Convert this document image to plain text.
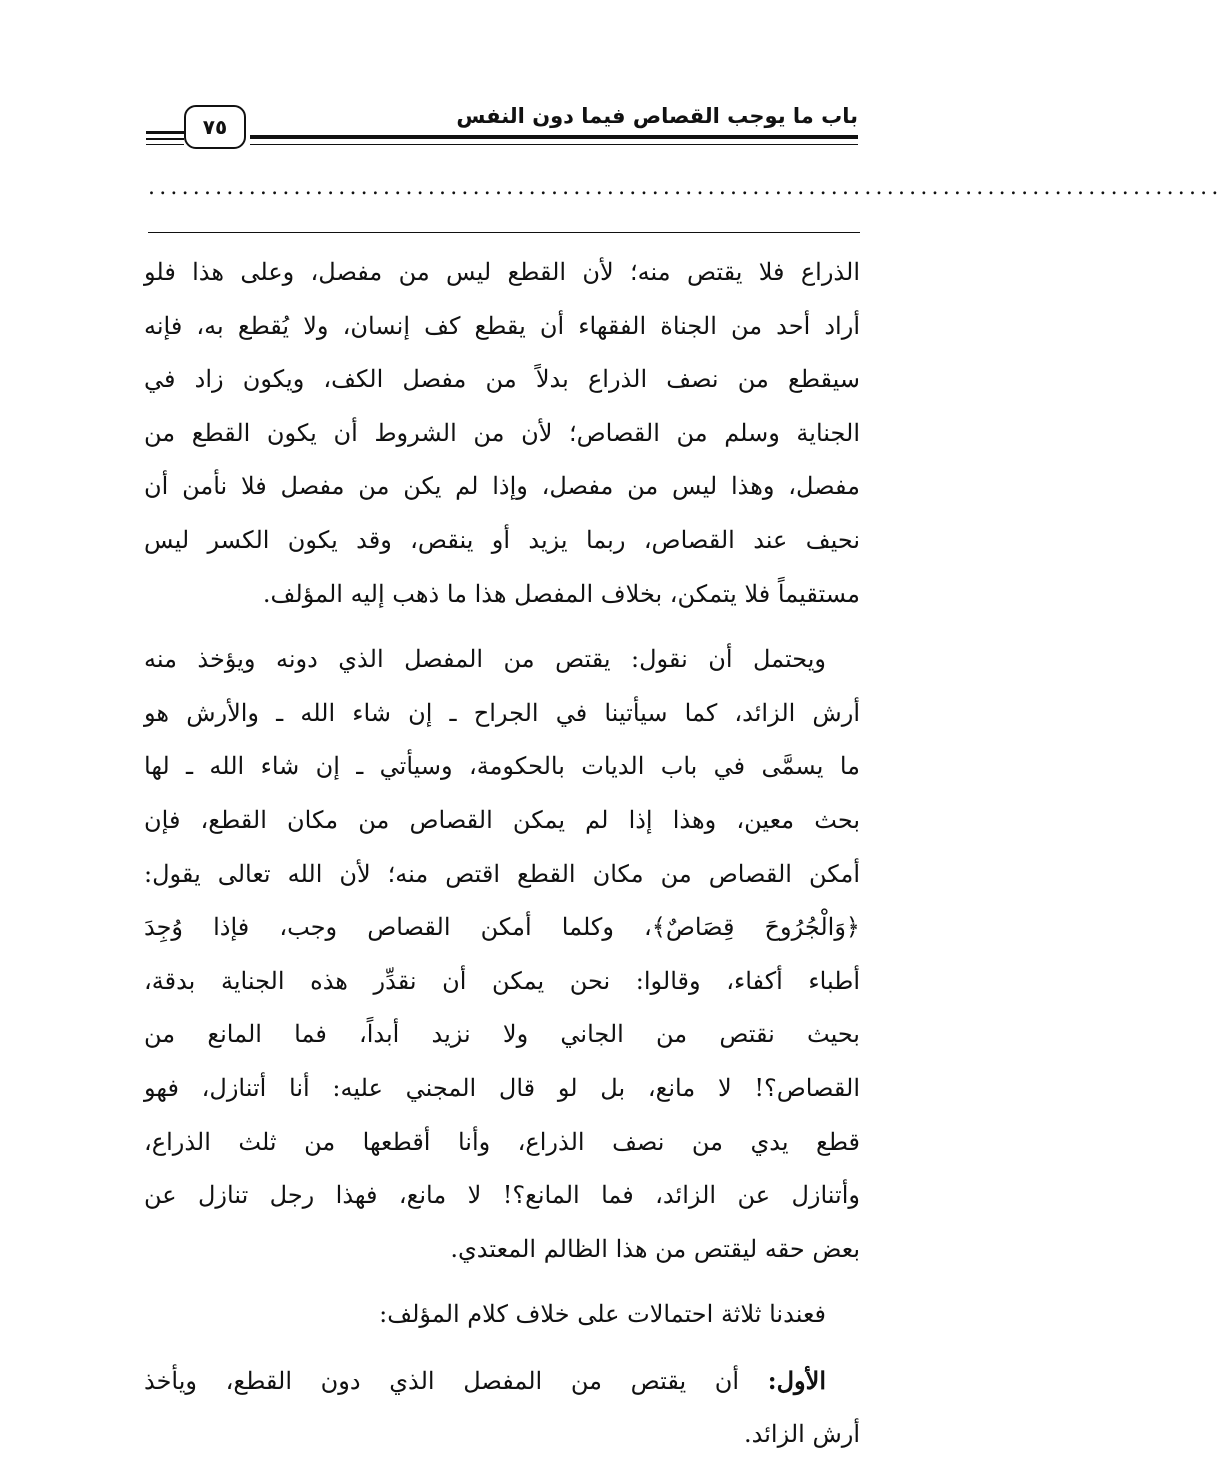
باب ما يوجب القصاص فيما دون النفس
٧٥
................................................................................................
الذراع فلا يقتص منه؛ لأن القطع ليس من مفصل، وعلى هذا فلو
أراد أحد من الجناة الفقهاء أن يقطع كف إنسان، ولا يُقطع به، فإنه
سيقطع من نصف الذراع بدلاً من مفصل الكف، ويكون زاد في
الجناية وسلم من القصاص؛ لأن من الشروط أن يكون القطع من
مفصل، وهذا ليس من مفصل، وإذا لم يكن من مفصل فلا نأمن أن
نحيف عند القصاص، ربما يزيد أو ينقص، وقد يكون الكسر ليس
مستقيماً فلا يتمكن، بخلاف المفصل هذا ما ذهب إليه المؤلف.
ويحتمل أن نقول: يقتص من المفصل الذي دونه ويؤخذ منه
أرش الزائد، كما سيأتينا في الجراح ـ إن شاء الله ـ والأرش هو
ما يسمَّى في باب الديات بالحكومة، وسيأتي ـ إن شاء الله ـ لها
بحث معين، وهذا إذا لم يمكن القصاص من مكان القطع، فإن
أمكن القصاص من مكان القطع اقتص منه؛ لأن الله تعالى يقول:
﴿وَالْجُرُوحَ قِصَاصٌ﴾، وكلما أمكن القصاص وجب، فإذا وُجِدَ
أطباء أكفاء، وقالوا: نحن يمكن أن نقدِّر هذه الجناية بدقة،
بحيث نقتص من الجاني ولا نزيد أبداً، فما المانع من
القصاص؟! لا مانع، بل لو قال المجني عليه: أنا أتنازل، فهو
قطع يدي من نصف الذراع، وأنا أقطعها من ثلث الذراع،
وأتنازل عن الزائد، فما المانع؟! لا مانع، فهذا رجل تنازل عن
بعض حقه ليقتص من هذا الظالم المعتدي.
فعندنا ثلاثة احتمالات على خلاف كلام المؤلف:
الأول: أن يقتص من المفصل الذي دون القطع، ويأخذ
أرش الزائد.
